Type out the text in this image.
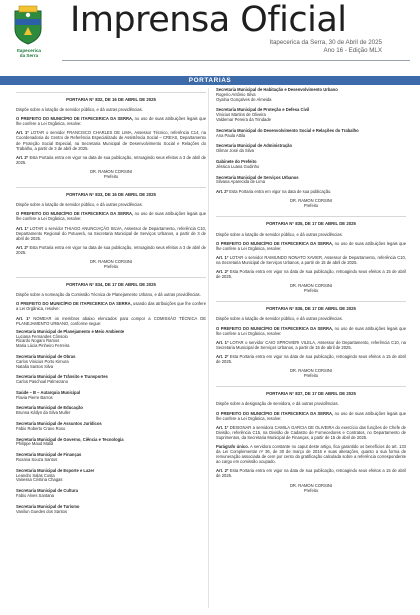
Itapecerica
da Serra
Imprensa Oficial
Itapecerica da Serra, 30 de Abril de 2025
Ano 16 - Edição MLX
PORTARIAS
PORTARIA N° 832, DE 16 DE ABRIL DE 2025
Dispõe sobre a lotação de servidor público, e dá outras providências.
O PREFEITO DO MUNICÍPIO DE ITAPECERICA DA SERRA, no uso de suas atribuições legais que lhe confere a Lei Orgânica, resolve:
Art. 1º LOTAR o servidor FRANCISCO CHARLES DE LIMA, Assessor Técnico, referência C14, na Coordenadoria do Centro de Referência Especializado de Assistência Social – CREAS, Departamento de Proteção Social Especial, na Secretaria Municipal de Desenvolvimento Social e Relações do Trabalho, a partir de 3 de abril de 2025.
Art. 2º Esta Portaria entra em vigor na data de sua publicação, retroagindo seus efeitos a 3 de abril de 2025.
DR. RAMON CORSINI
Prefeito
PORTARIA N° 833, DE 16 DE ABRIL DE 2025
Dispõe sobre a lotação de servidor público, e dá outras providências.
O PREFEITO DO MUNICÍPIO DE ITAPECERICA DA SERRA, no uso de suas atribuições legais que lhe confere a Lei Orgânica, resolve:
Art. 1º LOTAR o servidor THIAGO ANUNCIAÇÃO SILVA, Assessor de Departamento, referência C10, Departamento Regional do Potuverá, na Secretaria Municipal de Serviços Urbanos, a partir de 3 de abril de 2025.
Art. 2º Esta Portaria entra em vigor na data de sua publicação, retroagindo seus efeitos a 3 de abril de 2025.
DR. RAMON CORSINI
Prefeito
PORTARIA N° 834, DE 17 DE ABRIL DE 2025
Dispõe sobre a nomeação da Comissão Técnica de Planejamento Urbano, e dá outras providências.
O PREFEITO DO MUNICÍPIO DE ITAPECERICA DA SERRA, usando das atribuições que lhe confere a Lei Orgânica, resolve:
Art. 1º NOMEAR os membros abaixo elencados para compor a COMISSÃO TÉCNICA DE PLANEJAMENTO URBANO, conforme segue:
Secretaria Municipal de Planejamento e Meio Ambiente
Luciana Fernandes Cônsolo
Ricardo Nogaro Ramos
Maria Lúcia Pinheiro Ferreira
Secretaria Municipal de Obras
Carlos Vinicius Porto Kimura
Natalia Santos Silva
Secretaria Municipal de Trânsito e Transportes
Carlos Paschoal Palmezano
Saúde – B – Autarquia Municipal
Flavia Pierre Barros
Secretaria Municipal de Educação
Brunna Kátlyn da Silva Muller
Secretaria Municipal de Assuntos Jurídicos
Fabio Roberto Cravo Roxo
Secretaria Municipal de Governo, Ciência e Tecnologia
Philippe Maud Maldi
Secretaria Municipal de Finanças
Roxana Souza Santos
Secretaria Municipal de Esporte e Lazer
Leandro Salas Costa
Vanessa Cristina Chagas
Secretaria Municipal de Cultura
Fabio Alves Santana
Secretaria Municipal de Turismo
Vanilun Guedes dos Santos
Secretaria Municipal de Habitação e Desenvolvimento Urbano
Rogerio Antônio Silva
Oyalna Gonçalves de Almeida
Secretaria Municipal de Proteção e Defesa Civil
Vinicius Martins de Oliveira
Valdemar Pereira da Trindade
Secretaria Municipal do Desenvolvimento Social e Relações do Trabalho
Ana Paula Attila
Secretaria Municipal de Administração
Oilmar José da Silva
Gabinete do Prefeito
Jéssica Luana Godinho
Secretaria Municipal de Serviços Urbanos
Silvana Aparecida de Lima
Art. 2º Esta Portaria entra em vigor na data de sua publicação.
DR. RAMON CORSINI
Prefeito
PORTARIA N° 835, DE 17 DE ABRIL DE 2025
Dispõe sobre a lotação de servidor público, e dá outras providências.
O PREFEITO DO MUNICÍPIO DE ITAPECERICA DA SERRA, no uso de suas atribuições legais que lhe confere a Lei Orgânica, resolve:
Art. 1º LOTAR o servidor RAIMUNDO NONATO XAVIER, Assessor de Departamento, referência C10, na Secretaria Municipal de Serviços Urbanos, a partir de 15 de abril de 2025.
Art. 2º Esta Portaria entra em vigor na data de sua publicação, retroagindo seus efeitos a 15 de abril de 2025.
DR. RAMON CORSINI
Prefeito
PORTARIA N° 836, DE 17 DE ABRIL DE 2025
Dispõe sobre a lotação de servidor público, e dá outras providências.
O PREFEITO DO MUNICÍPIO DE ITAPECERICA DA SERRA, no uso de suas atribuições legais que lhe confere a Lei Orgânica, resolve:
Art. 1º LOTAR o servidor CAIO SPROVIERI VILELA, Assessor de Departamento, referência C10, na Secretaria Municipal de Serviços Urbanos, a partir de 15 de abril de 2025.
Art. 2º Esta Portaria entra em vigor na data de sua publicação, retroagindo seus efeitos a 15 de abril de 2025.
DR. RAMON CORSINI
Prefeito
PORTARIA N° 837, DE 17 DE ABRIL DE 2025
Dispõe sobre a designação de servidora, e dá outras providências.
O PREFEITO DO MUNICÍPIO DE ITAPECERICA DA SERRA, no uso de suas atribuições legais que lhe confere a Lei Orgânica, resolve:
Art. 1º DESIGNAR a servidora CAMILA GARCIA DE OLIVEIRA do exercício das funções de Chefe de Divisão, referência C15, na Divisão de Cadastro de Fornecedores e Contratos, no Departamento de Suprimentos, da Secretaria Municipal de Finanças, a partir de 15 de abril de 2025.
Parágrafo único. A servidora constante no caput deste artigo, fica garantido os benefícios do art. 133 da Lei Complementar nº 36, de 30 de março de 2016 e suas alterações, quanto a sua forma de remuneração associada de cem por cento da gratificação calculada sobre a referência correspondente ao cargo em comissão ocupado.
Art. 2º Esta Portaria entra em vigor na data de sua publicação, retroagindo seus efeitos a 15 de abril de 2025.
DR. RAMON CORSINI
Prefeito
